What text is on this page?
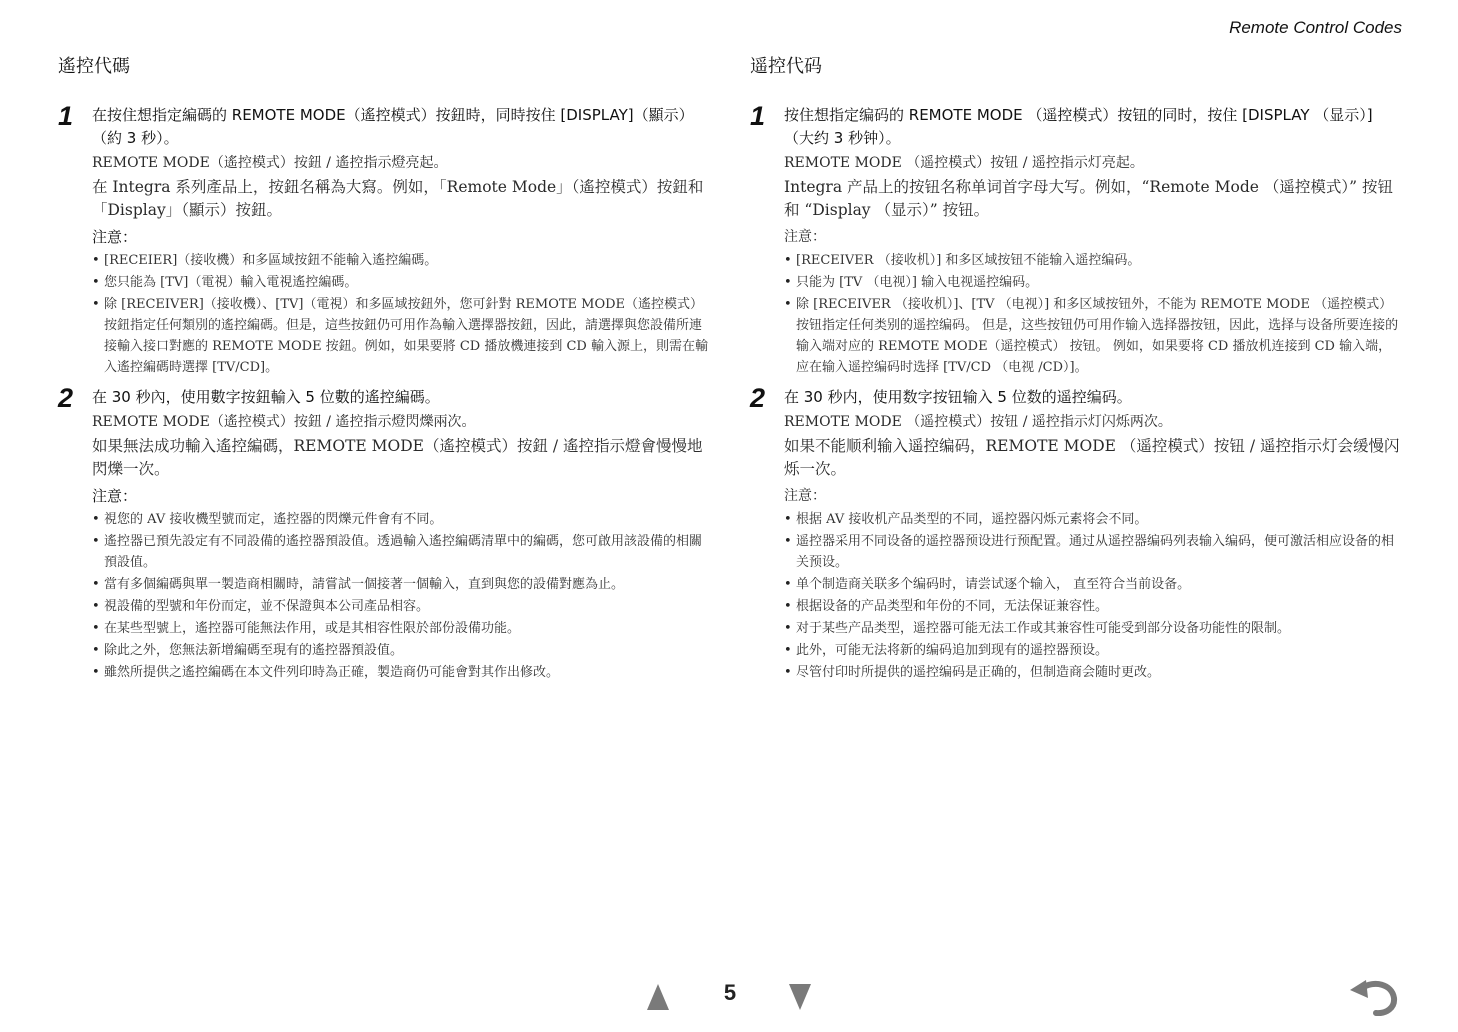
Remote Control Codes
遙控代碼
1 在按住想指定編碼的 REMOTE MODE（遙控模式）按鈕時，同時按住 [DISPLAY]（顯示）（約 3 秒）。
REMOTE MODE（遙控模式）按鈕 / 遙控指示燈亮起。
在 Integra 系列產品上，按鈕名稱為大寫。例如，「Remote Mode」（遙控模式）按鈕和「Display」（顯示）按鈕。
注意：
• [RECEIER]（接收機）和多區域按鈕不能輸入遙控編碼。
• 您只能為 [TV]（電視）輸入電視遙控編碼。
• 除 [RECEIVER]（接收機）、[TV]（電視）和多區域按鈕外，您可針對 REMOTE MODE（遙控模式）按鈕指定任何類別的遙控編碼。但是，這些按鈕仍可用作為輸入選擇器按鈕，因此，請選擇與您設備所連接輸入接口對應的 REMOTE MODE 按鈕。例如，如果要將 CD 播放機連接到 CD 輸入源上，則需在輸入遙控編碼時選擇 [TV/CD]。
2 在 30 秒內，使用數字按鈕輸入 5 位數的遙控編碼。
REMOTE MODE（遙控模式）按鈕 / 遙控指示燈閃爍兩次。
如果無法成功輸入遙控編碼，REMOTE MODE（遙控模式）按鈕 / 遙控指示燈會慢慢地閃爍一次。
注意：
• 視您的 AV 接收機型號而定，遙控器的閃爍元件會有不同。
• 遙控器已預先設定有不同設備的遙控器預設值。透過輸入遙控編碼清單中的編碼，您可啟用該設備的相關預設值。
• 當有多個編碼與單一製造商相關時，請嘗試一個接著一個輸入，直到與您的設備對應為止。
• 視設備的型號和年份而定，並不保證與本公司產品相容。
• 在某些型號上，遙控器可能無法作用，或是其相容性限於部份設備功能。
• 除此之外，您無法新增編碼至現有的遙控器預設值。
• 雖然所提供之遙控編碼在本文件列印時為正確，製造商仍可能會對其作出修改。
遥控代码
1 按住想指定编码的 REMOTE MODE （遥控模式）按钮的同时，按住 [DISPLAY （显示）]（大约 3 秒钟）。
REMOTE MODE （遥控模式）按钮 / 遥控指示灯亮起。
Integra 产品上的按钮名称单词首字母大写。例如，“Remote Mode （遥控模式）” 按钮和 “Display （显示）” 按钮。
注意：
• [RECEIVER （接收机）] 和多区域按钮不能输入遥控编码。
• 只能为 [TV （电视）] 输入电视遥控编码。
• 除 [RECEIVER （接收机）]、[TV （电视）] 和多区域按钮外，不能为 REMOTE MODE （遥控模式） 按钮指定任何类别的遥控编码。 但是，这些按钮仍可用作输入选择器按钮，因此，选择与设备所要连接的输入端对应的 REMOTE MODE（遥控模式） 按钮。 例如，如果要将 CD 播放机连接到 CD 输入端，应在输入遥控编码时选择 [TV/CD （电视 /CD）]。
2 在 30 秒内，使用数字按钮输入 5 位数的遥控编码。
REMOTE MODE （遥控模式）按钮 / 遥控指示灯闪烁两次。
如果不能顺利输入遥控编码，REMOTE MODE （遥控模式）按钮 / 遥控指示灯会缓慢闪烁一次。
注意：
• 根据 AV 接收机产品类型的不同，遥控器闪烁元素将会不同。
• 遥控器采用不同设备的遥控器预设进行预配置。通过从遥控器编码列表输入编码，便可激活相应设备的相关预设。
• 单个制造商关联多个编码时，请尝试逐个输入， 直至符合当前设备。
• 根据设备的产品类型和年份的不同，无法保证兼容性。
• 对于某些产品类型，遥控器可能无法工作或其兼容性可能受到部分设备功能性的限制。
• 此外，可能无法将新的编码追加到现有的遥控器预设。
• 尽管付印时所提供的遥控编码是正确的，但制造商会随时更改。
5
